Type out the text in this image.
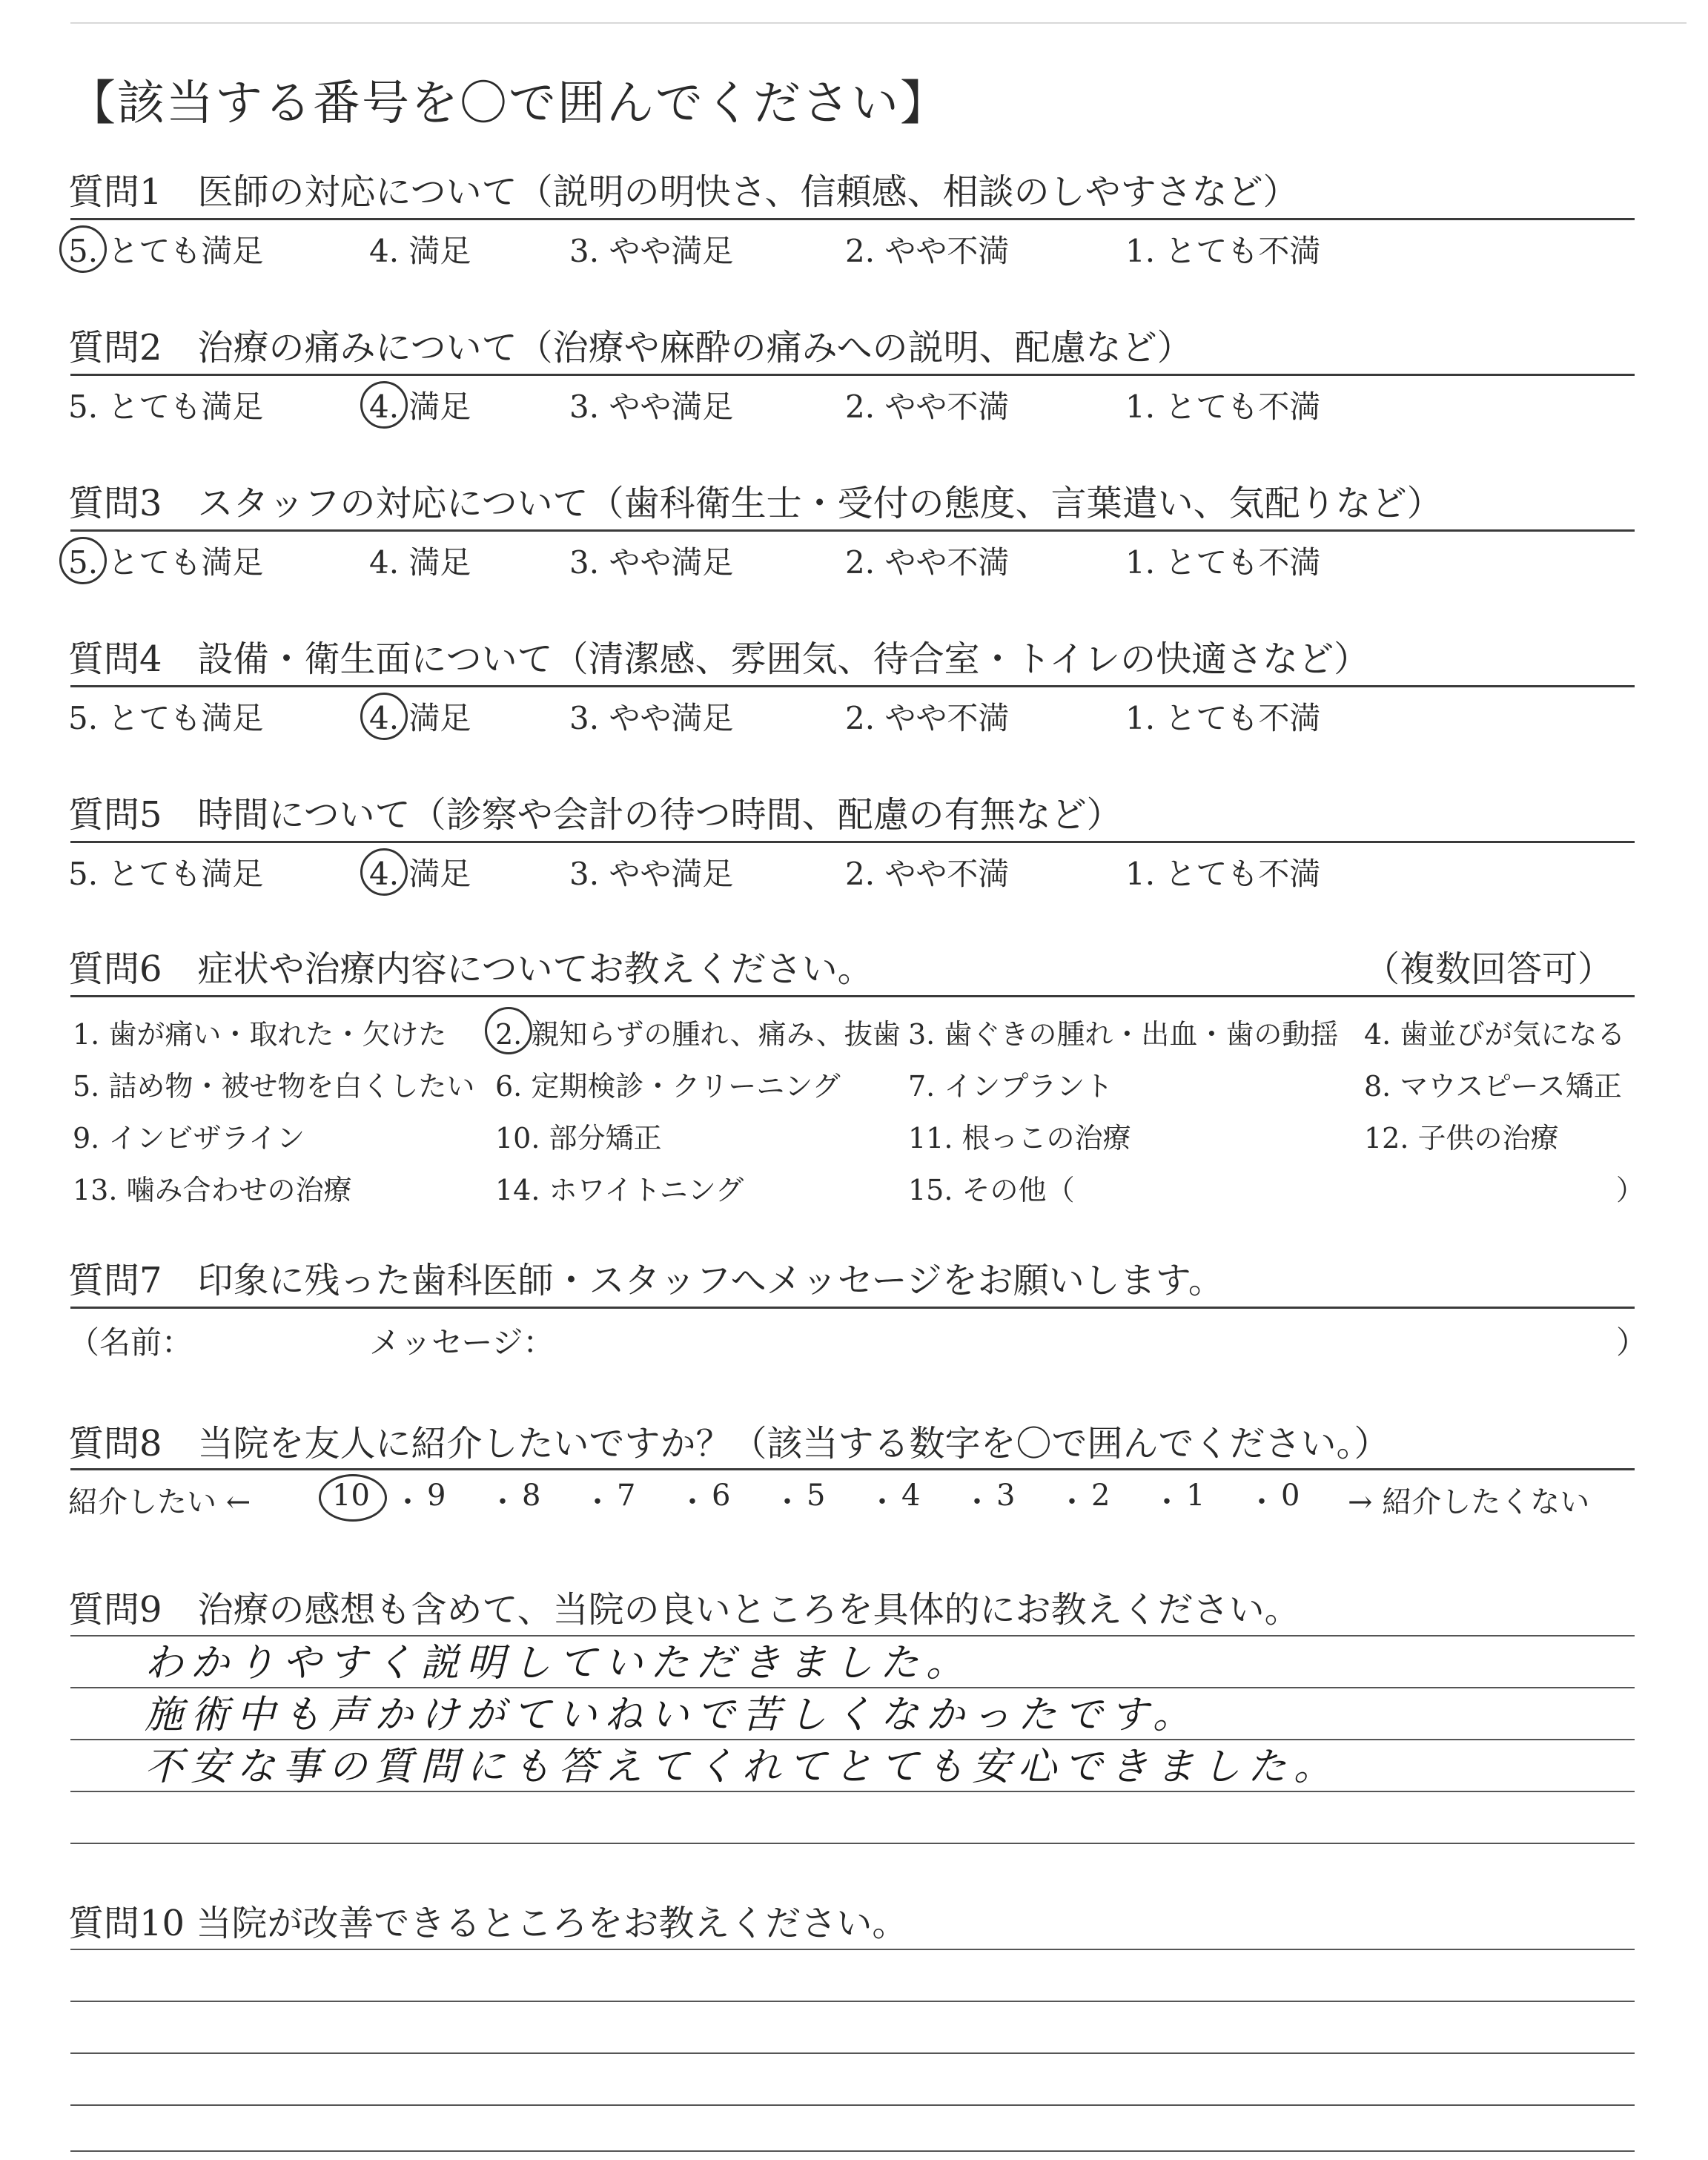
【該当する番号を〇で囲んでください】
質問1　医師の対応について（説明の明快さ、信頼感、相談のしやすさなど）
5. とても満足	4. 満足	3. やや満足	2. やや不満	1. とても不満
質問2　治療の痛みについて（治療や麻酔の痛みへの説明、配慮など）
5. とても満足	4. 満足	3. やや満足	2. やや不満	1. とても不満
質問3　スタッフの対応について（歯科衛生士・受付の態度、言葉遣い、気配りなど）
5. とても満足	4. 満足	3. やや満足	2. やや不満	1. とても不満
質問4　設備・衛生面について（清潔感、雰囲気、待合室・トイレの快適さなど）
5. とても満足	4. 満足	3. やや満足	2. やや不満	1. とても不満
質問5　時間について（診察や会計の待つ時間、配慮の有無など）
5. とても満足	4. 満足	3. やや満足	2. やや不満	1. とても不満
質問6　症状や治療内容についてお教えください。	（複数回答可）
1. 歯が痛い・取れた・欠けた 2. 親知らずの腫れ、痛み、抜歯 3. 歯ぐきの腫れ・出血・歯の動揺 4. 歯並びが気になる
5. 詰め物・被せ物を白くしたい 6. 定期検診・クリーニング 7. インプラント	8. マウスピース矯正
9. インビザライン	10. 部分矯正	11. 根っこの治療	12. 子供の治療
13. 噛み合わせの治療	14. ホワイトニング	15. その他（	）
質問7　印象に残った歯科医師・スタッフへメッセージをお願いします。
（名前：	メッセージ：	）
質問8　当院を友人に紹介したいですか？（該当する数字を〇で囲んでください。）
紹介したい ←	→ 紹介したくない
10 ・ 9 ・ 8 ・ 7 ・ 6 ・ 5 ・ 4 ・ 3 ・ 2 ・ 1 ・ 0
質問9　治療の感想も含めて、当院の良いところを具体的にお教えください。
わかりやすく説明していただきました。
施術中も声かけがていねいで苦しくなかったです。
不安な事の質問にも答えてくれてとても安心できました。
質問10 当院が改善できるところをお教えください。
